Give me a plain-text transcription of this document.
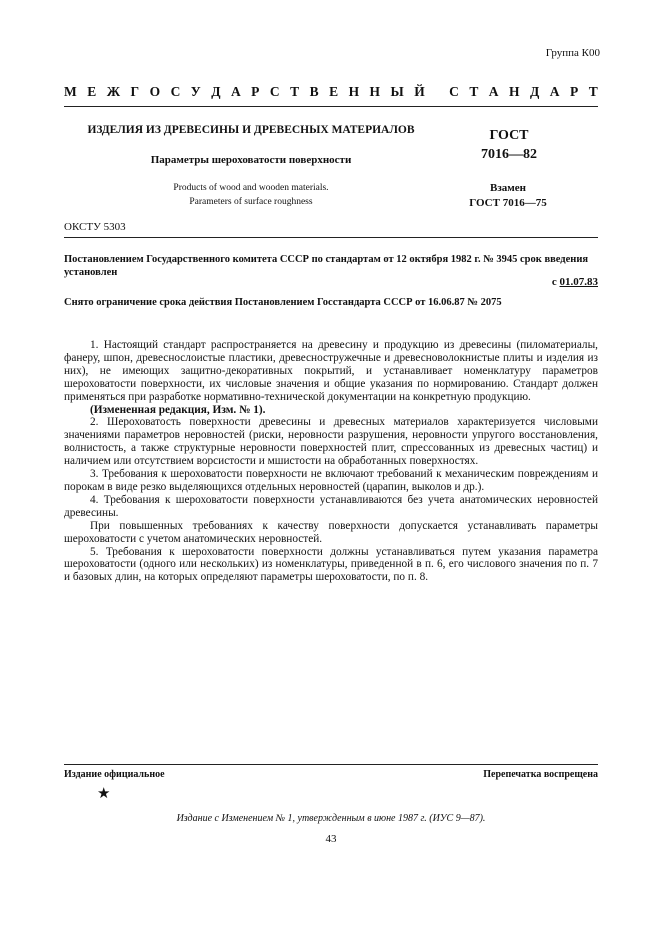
Группа К00
М Е Ж Г О С У Д А Р С Т В Е Н Н Ы Й
С Т А Н Д А Р Т
ИЗДЕЛИЯ ИЗ ДРЕВЕСИНЫ И ДРЕВЕСНЫХ МАТЕРИАЛОВ
Параметры шероховатости поверхности
Products of wood and wooden materials.
Parameters of surface roughness
ГОСТ
7016—82
Взамен
ГОСТ 7016—75
ОКСТУ 5303
Постановлением Государственного комитета СССР по стандартам от 12 октября 1982 г. № 3945 срок введения установлен
с 01.07.83
Снято ограничение срока действия Постановлением Госстандарта СССР от 16.06.87 № 2075

1. Настоящий стандарт распространяется на древесину и продукцию из древесины (пиломатериалы, фанеру, шпон, древеснослоистые пластики, древесностружечные и древесноволокнистые плиты и изделия из них), не имеющих защитно-декоративных покрытий, и устанавливает номенклатуру параметров шероховатости поверхности, их числовые значения и общие указания по нормированию. Стандарт должен применяться при разработке нормативно-технической документации на конкретную продукцию.

(Измененная редакция, Изм. № 1).

2. Шероховатость поверхности древесины и древесных материалов характеризуется числовыми значениями параметров неровностей (риски, неровности разрушения, неровности упругого восстановления, волнистость, а также структурные неровности поверхностей плит, спрессованных из древесных частиц) и наличием или отсутствием ворсистости и мшистости на обработанных поверхностях.

3. Требования к шероховатости поверхности не включают требований к механическим повреждениям и порокам в виде резко выделяющихся отдельных неровностей (царапин, выколов и др.).

4. Требования к шероховатости поверхности устанавливаются без учета анатомических неровностей древесины.

При повышенных требованиях к качеству поверхности допускается устанавливать параметры шероховатости с учетом анатомических неровностей.

5. Требования к шероховатости поверхности должны устанавливаться путем указания параметра шероховатости (одного или нескольких) из номенклатуры, приведенной в п. 6, его числового значения по п. 7 и базовых длин, на которых определяют параметры шероховатости, по п. 8.

Издание официальное	Перепечатка воспрещена
★
Издание с Изменением № 1, утвержденным в июне 1987 г. (ИУС 9—87).
43
